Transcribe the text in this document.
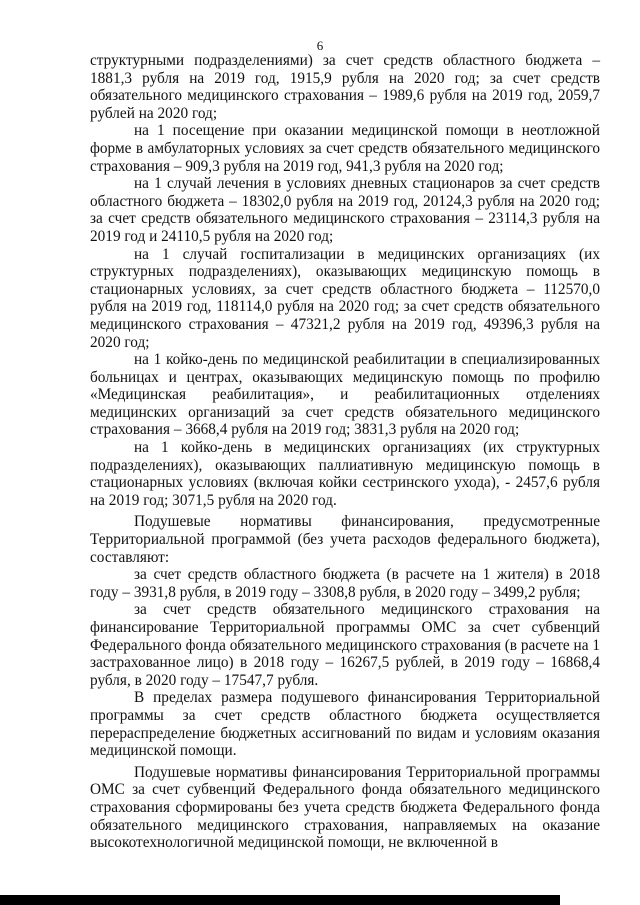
6

структурными подразделениями) за счет средств областного бюджета – 1881,3 рубля на 2019 год, 1915,9 рубля на 2020 год; за счет средств обязательного медицинского страхования – 1989,6 рубля на 2019 год, 2059,7 рублей на 2020 год;

на 1 посещение при оказании медицинской помощи в неотложной форме в амбулаторных условиях за счет средств обязательного медицинского страхования – 909,3 рубля на 2019 год, 941,3 рубля на 2020 год;

на 1 случай лечения в условиях дневных стационаров за счет средств областного бюджета – 18302,0 рубля на 2019 год, 20124,3 рубля на 2020 год; за счет средств обязательного медицинского страхования – 23114,3 рубля на 2019 год и 24110,5 рубля на 2020 год;

на 1 случай госпитализации в медицинских организациях (их структурных подразделениях), оказывающих медицинскую помощь в стационарных условиях, за счет средств областного бюджета – 112570,0 рубля на 2019 год, 118114,0 рубля на 2020 год; за счет средств обязательного медицинского страхования – 47321,2 рубля на 2019 год, 49396,3 рубля на 2020 год;

на 1 койко-день по медицинской реабилитации в специализированных больницах и центрах, оказывающих медицинскую помощь по профилю «Медицинская реабилитация», и реабилитационных отделениях медицинских организаций за счет средств обязательного медицинского страхования – 3668,4 рубля на 2019 год; 3831,3 рубля на 2020 год;

на 1 койко-день в медицинских организациях (их структурных подразделениях), оказывающих паллиативную медицинскую помощь в стационарных условиях (включая койки сестринского ухода), - 2457,6 рубля на 2019 год; 3071,5 рубля на 2020 год.

Подушевые нормативы финансирования, предусмотренные Территориальной программой (без учета расходов федерального бюджета), составляют:

за счет средств областного бюджета (в расчете на 1 жителя) в 2018 году – 3931,8 рубля, в 2019 году – 3308,8 рубля, в 2020 году – 3499,2 рубля;

за счет средств обязательного медицинского страхования на финансирование Территориальной программы ОМС за счет субвенций Федерального фонда обязательного медицинского страхования (в расчете на 1 застрахованное лицо) в 2018 году – 16267,5 рублей, в 2019 году – 16868,4 рубля, в 2020 году – 17547,7 рубля.

В пределах размера подушевого финансирования Территориальной программы за счет средств областного бюджета осуществляется перераспределение бюджетных ассигнований по видам и условиям оказания медицинской помощи.

Подушевые нормативы финансирования Территориальной программы ОМС за счет субвенций Федерального фонда обязательного медицинского страхования сформированы без учета средств бюджета Федерального фонда обязательного медицинского страхования, направляемых на оказание высокотехнологичной медицинской помощи, не включенной в
